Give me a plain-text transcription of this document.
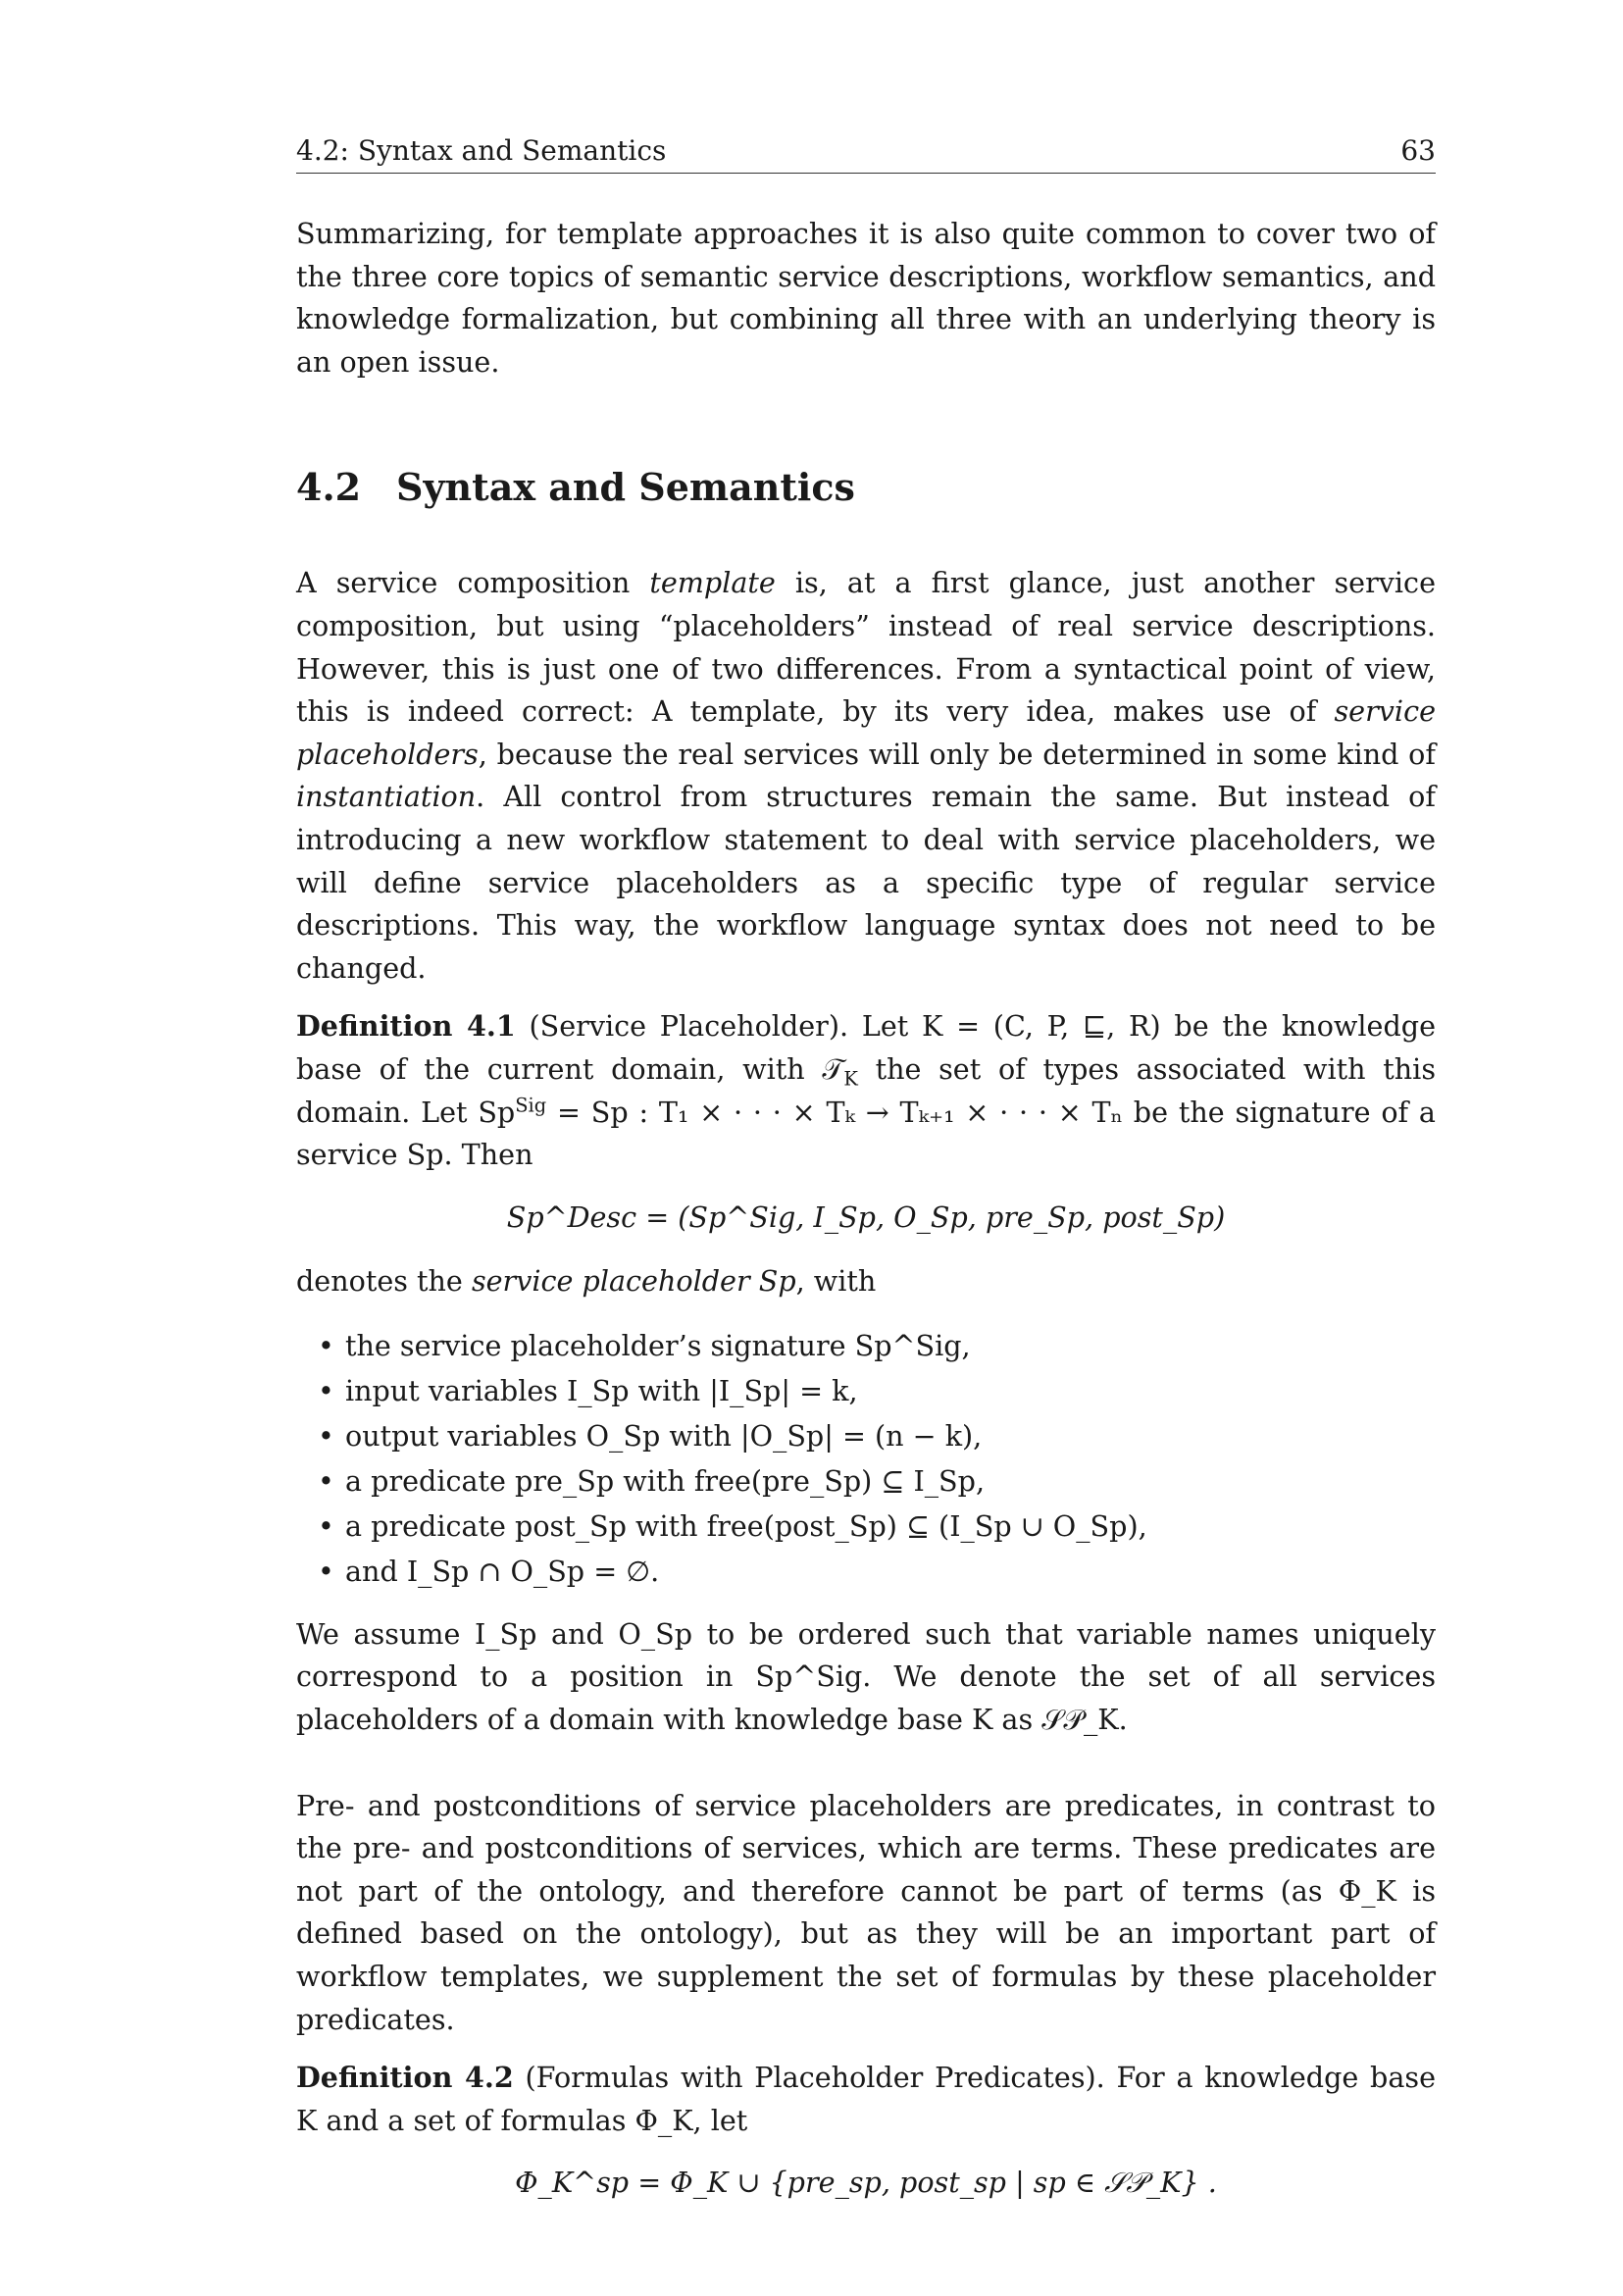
4.2: Syntax and Semantics	63

Summarizing, for template approaches it is also quite common to cover two of the three core topics of semantic service descriptions, workflow semantics, and knowledge formalization, but combining all three with an underlying theory is an open issue.

4.2 Syntax and Semantics

A service composition template is, at a first glance, just another service composition, but using “placeholders” instead of real service descriptions. However, this is just one of two differences. From a syntactical point of view, this is indeed correct: A template, by its very idea, makes use of service placeholders, because the real services will only be determined in some kind of instantiation. All control from structures remain the same. But instead of introducing a new workflow statement to deal with service placeholders, we will define service placeholders as a specific type of regular service descriptions. This way, the workflow language syntax does not need to be changed.

Definition 4.1 (Service Placeholder). Let K = (C, P, ⊑, R) be the knowledge base of the current domain, with 𝒯$_K$ the set of types associated with this domain. Let $Sp^{Sig} = Sp$ : T₁ × · · · × Tₖ → Tₖ₊₁ × · · · × Tₙ be the signature of a service Sp. Then

Sp^Desc = (Sp^Sig, I_Sp, O_Sp, pre_Sp, post_Sp)

denotes the service placeholder Sp, with

• the service placeholder’s signature Sp^Sig,
• input variables I_Sp with |I_Sp| = k,
• output variables O_Sp with |O_Sp| = (n − k),
• a predicate pre_Sp with free(pre_Sp) ⊆ I_Sp,
• a predicate post_Sp with free(post_Sp) ⊆ (I_Sp ∪ O_Sp),
• and I_Sp ∩ O_Sp = ∅.

We assume I_Sp and O_Sp to be ordered such that variable names uniquely correspond to a position in Sp^Sig. We denote the set of all services placeholders of a domain with knowledge base K as 𝒮𝒫_K.

Pre- and postconditions of service placeholders are predicates, in contrast to the pre- and postconditions of services, which are terms. These predicates are not part of the ontology, and therefore cannot be part of terms (as Φ_K is defined based on the ontology), but as they will be an important part of workflow templates, we supplement the set of formulas by these placeholder predicates.

Definition 4.2 (Formulas with Placeholder Predicates). For a knowledge base K and a set of formulas Φ_K, let

Φ_K^sp = Φ_K ∪ {pre_sp, post_sp | sp ∈ 𝒮𝒫_K} .
